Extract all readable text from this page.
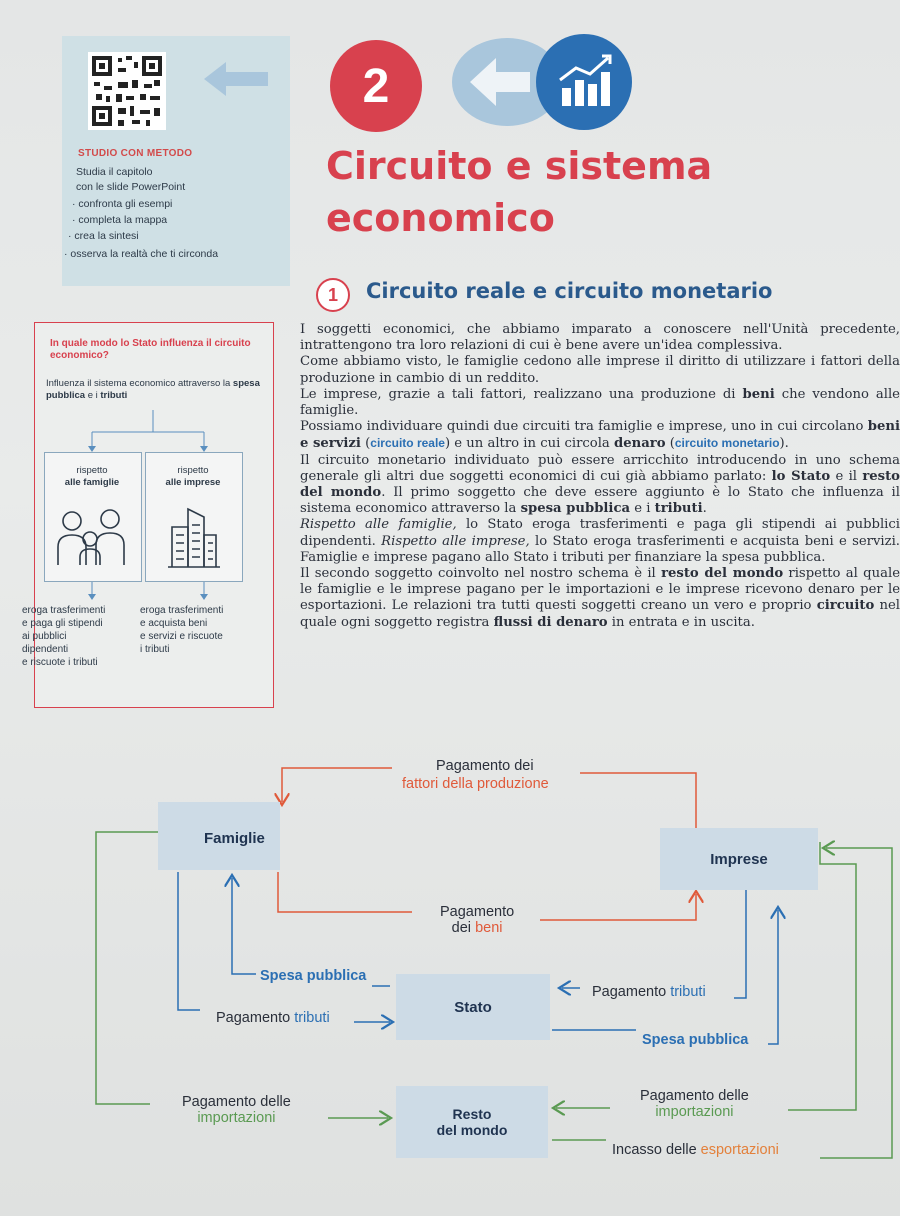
STUDIO CON METODO
Studia il capitolo
con le slide PowerPoint
· confronta gli esempi
· completa la mappa
· crea la sintesi
· osserva la realtà che ti circonda
2
Circuito e sistema
economico
1	Circuito reale e circuito monetario
In quale modo lo Stato influenza il circuito economico?
Influenza il sistema economico attraverso la spesa pubblica e i tributi
rispetto
alle famiglie
rispetto
alle imprese
eroga trasferimenti
e paga gli stipendi
ai pubblici
dipendenti
e riscuote i tributi
eroga trasferimenti
e acquista beni
e servizi e riscuote
i tributi

I soggetti economici, che abbiamo imparato a conoscere nell'Unità precedente, intrattengono tra loro relazioni di cui è bene avere un'idea complessiva.

Come abbiamo visto, le famiglie cedono alle imprese il diritto di utilizzare i fattori della produzione in cambio di un reddito.

Le imprese, grazie a tali fattori, realizzano una produzione di beni che vendono alle famiglie.

Possiamo individuare quindi due circuiti tra famiglie e imprese, uno in cui circolano beni e servizi (circuito reale) e un altro in cui circola denaro (circuito monetario).

Il circuito monetario individuato può essere arricchito introducendo in uno schema generale gli altri due soggetti economici di cui già abbiamo parlato: lo Stato e il resto del mondo. Il primo soggetto che deve essere aggiunto è lo Stato che influenza il sistema economico attraverso la spesa pubblica e i tributi.

Rispetto alle famiglie, lo Stato eroga trasferimenti e paga gli stipendi ai pubblici dipendenti. Rispetto alle imprese, lo Stato eroga trasferimenti e acquista beni e servizi. Famiglie e imprese pagano allo Stato i tributi per finanziare la spesa pubblica.

Il secondo soggetto coinvolto nel nostro schema è il resto del mondo rispetto al quale le famiglie e le imprese pagano per le importazioni e le imprese ricevono denaro per le esportazioni. Le relazioni tra tutti questi soggetti creano un vero e proprio circuito nel quale ogni soggetto registra flussi di denaro in entrata e in uscita.

Famiglie
Imprese
Stato
Resto
del mondo
Pagamento dei
fattori della produzione
Pagamento
dei beni
Spesa pubblica
Pagamento tributi
Pagamento tributi
Spesa pubblica
Pagamento delle
importazioni
Pagamento delle
importazioni
Incasso delle esportazioni
